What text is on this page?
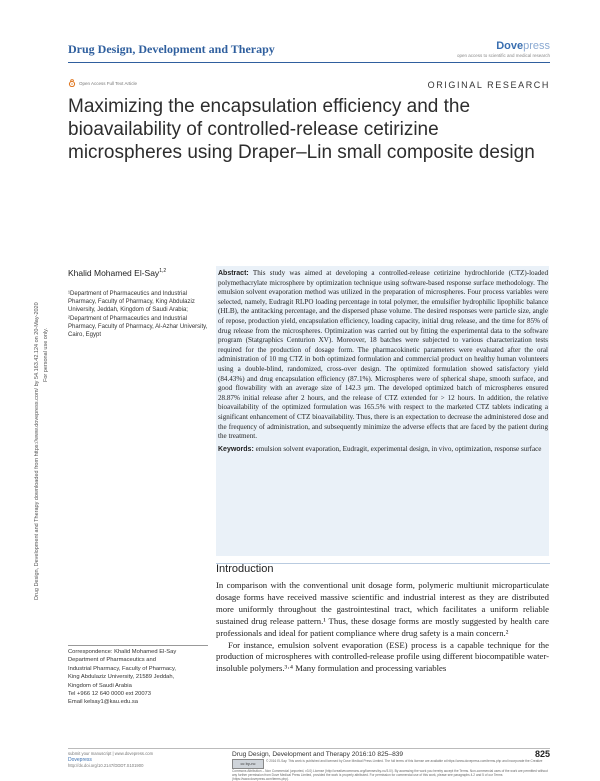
Drug Design, Development and Therapy	Dovepress
open access to scientific and medical research
Open Access Full Text Article	ORIGINAL RESEARCH
Maximizing the encapsulation efficiency and the bioavailability of controlled-release cetirizine microspheres using Draper–Lin small composite design
Drug Design, Development and Therapy downloaded from https://www.dovepress.com/ by 54.163.42.124 on 20-May-2020 For personal use only.
Khalid Mohamed El-Say$^{1,2}$

¹Department of Pharmaceutics and Industrial Pharmacy, Faculty of Pharmacy, King Abdulaziz University, Jeddah, Kingdom of Saudi Arabia;

²Department of Pharmaceutics and Industrial Pharmacy, Faculty of Pharmacy, Al-Azhar University, Cairo, Egypt

Abstract: This study was aimed at developing a controlled-release cetirizine hydrochloride (CTZ)-loaded polymethacrylate microsphere by optimization technique using software-based response surface methodology. The emulsion solvent evaporation method was utilized in the preparation of microspheres. Four process variables were selected, namely, Eudragit RLPO loading percentage in total polymer, the emulsifier hydrophilic lipophilic balance (HLB), the antitacking percentage, and the dispersed phase volume. The desired responses were particle size, angle of repose, production yield, encapsulation efficiency, loading capacity, initial drug release, and the time for 85% of drug release from the microspheres. Optimization was carried out by fitting the experimental data to the software program (Statgraphics Centurion XV). Moreover, 18 batches were subjected to various characterization tests required for the production of dosage form. The pharmacokinetic parameters were evaluated after the oral administration of 10 mg CTZ in both optimized formulation and commercial product on healthy human volunteers using a double-blind, randomized, cross-over design. The optimized formulation showed satisfactory yield (84.43%) and drug encapsulation efficiency (87.1%). Microspheres were of spherical shape, smooth surface, and good flowability with an average size of 142.3 μm. The developed optimized batch of microspheres ensured 28.87% initial release after 2 hours, and the release of CTZ extended for > 12 hours. In addition, the relative bioavailability of the optimized formulation was 165.5% with respect to the marketed CTZ tablets indicating a significant enhancement of CTZ bioavailability. Thus, there is an expectation to decrease the administered dose and the frequency of administration, and subsequently minimize the adverse effects that are faced by the patient during the treatment.
Keywords: emulsion solvent evaporation, Eudragit, experimental design, in vivo, optimization, response surface
Introduction

In comparison with the conventional unit dosage form, polymeric multiunit microparticulate dosage forms have received massive scientific and industrial interest as they are distributed more uniformly throughout the gastrointestinal tract, which facilitates a uniform reliable sustained drug release pattern.¹ Thus, these dosage forms are mostly suggested by health care professionals and ideal for patient compliance where drug safety is a main concern.²

For instance, emulsion solvent evaporation (ESE) process is a capable technique for the production of microspheres with controlled-release profile using different biocompatible water-insoluble polymers.³·⁴ Many formulation and processing variables

Correspondence: Khalid Mohamed El-Say

Department of Pharmaceutics and

Industrial Pharmacy, Faculty of Pharmacy,

King Abdulaziz University, 21589 Jeddah,

Kingdom of Saudi Arabia

Tel +966 12 640 0000 ext 20073

Email kelsay1@kau.edu.sa

submit your manuscript | www.dovepress.com
Dovepress
http://dx.doi.org/10.2147/DDDT.S101900
Drug Design, Development and Therapy 2016:10 825–839	825
cc by-nc	© 2016 El-Say. This work is published and licensed by Dove Medical Press Limited. The full terms of this license are available at https://www.dovepress.com/terms.php and incorporate the Creative Commons Attribution – Non Commercial (unported, v3.0) License (http://creativecommons.org/licenses/by-nc/3.0/). By accessing the work you hereby accept the Terms. Non-commercial uses of the work are permitted without any further permission from Dove Medical Press Limited, provided the work is properly attributed. For permission for commercial use of this work, please see paragraphs 4.2 and 5 of our Terms (https://www.dovepress.com/terms.php).
